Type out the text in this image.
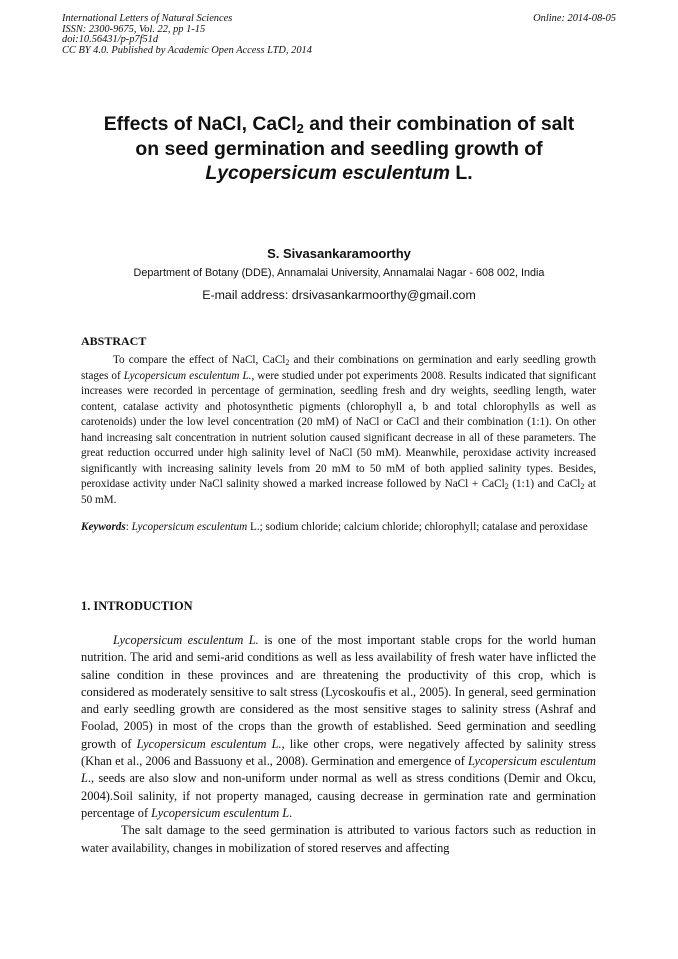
International Letters of Natural Sciences
ISSN: 2300-9675, Vol. 22, pp 1-15
doi:10.56431/p-p7f51d
CC BY 4.0. Published by Academic Open Access LTD, 2014
Online: 2014-08-05
Effects of NaCl, CaCl$_2$ and their combination of salt
on seed germination and seedling growth of
Lycopersicum esculentum L.
S. Sivasankaramoorthy
Department of Botany (DDE), Annamalai University, Annamalai Nagar - 608 002, India
E-mail address: drsivasankarmoorthy@gmail.com
ABSTRACT
To compare the effect of NaCl, CaCl$_2$ and their combinations on germination and early seedling growth stages of Lycopersicum esculentum L., were studied under pot experiments 2008. Results indicated that significant increases were recorded in percentage of germination, seedling fresh and dry weights, seedling length, water content, catalase activity and photosynthetic pigments (chlorophyll a, b and total chlorophylls as well as carotenoids) under the low level concentration (20 mM) of NaCl or CaCl and their combination (1:1). On other hand increasing salt concentration in nutrient solution caused significant decrease in all of these parameters. The great reduction occurred under high salinity level of NaCl (50 mM). Meanwhile, peroxidase activity increased significantly with increasing salinity levels from 20 mM to 50 mM of both applied salinity types. Besides, peroxidase activity under NaCl salinity showed a marked increase followed by NaCl + CaCl$_2$ (1:1) and CaCl$_2$ at 50 mM.
Keywords: Lycopersicum esculentum L.; sodium chloride; calcium chloride; chlorophyll; catalase and peroxidase
1. INTRODUCTION

Lycopersicum esculentum L. is one of the most important stable crops for the world human nutrition. The arid and semi-arid conditions as well as less availability of fresh water have inflicted the saline condition in these provinces and are threatening the productivity of this crop, which is considered as moderately sensitive to salt stress (Lycoskoufis et al., 2005). In general, seed germination and early seedling growth are considered as the most sensitive stages to salinity stress (Ashraf and Foolad, 2005) in most of the crops than the growth of established. Seed germination and seedling growth of Lycopersicum esculentum L., like other crops, were negatively affected by salinity stress (Khan et al., 2006 and Bassuony et al., 2008). Germination and emergence of Lycopersicum esculentum L., seeds are also slow and non-uniform under normal as well as stress conditions (Demir and Okcu, 2004).Soil salinity, if not property managed, causing decrease in germination rate and germination percentage of Lycopersicum esculentum L.

The salt damage to the seed germination is attributed to various factors such as reduction in water availability, changes in mobilization of stored reserves and affecting
